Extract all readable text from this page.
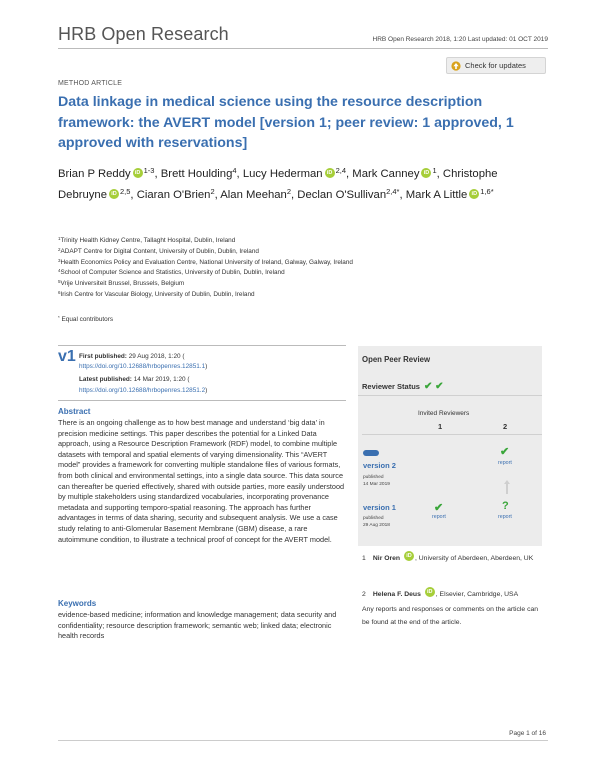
HRB Open Research	HRB Open Research 2018, 1:20 Last updated: 01 OCT 2019
Check for updates
METHOD ARTICLE
Data linkage in medical science using the resource description framework: the AVERT model [version 1; peer review: 1 approved, 1 approved with reservations]
Brian P Reddy iD $^{1-3}$, Brett Houlding$^4$, Lucy Hederman iD $^{2,4}$, Mark Canney iD $^1$, Christophe Debruyne iD $^{2,5}$, Ciaran O'Brien$^2$, Alan Meehan$^2$, Declan O'Sullivan$^{2,4*}$, Mark A Little iD $^{1,6*}$
$^1$Trinity Health Kidney Centre, Tallaght Hospital, Dublin, Ireland
$^2$ADAPT Centre for Digital Content, University of Dublin, Dublin, Ireland
$^3$Health Economics Policy and Evaluation Centre, National University of Ireland, Galway, Galway, Ireland
$^4$School of Computer Science and Statistics, University of Dublin, Dublin, Ireland
$^5$Vrije Universiteit Brussel, Brussels, Belgium
$^6$Irish Centre for Vascular Biology, University of Dublin, Dublin, Ireland
* Equal contributors
v1 First published: 29 Aug 2018, 1:20 (
https://doi.org/10.12688/hrbopenres.12851.1)
Latest published: 14 Mar 2019, 1:20 (
https://doi.org/10.12688/hrbopenres.12851.2)
Abstract
There is an ongoing challenge as to how best manage and understand ‘big data’ in precision medicine settings. This paper describes the potential for a Linked Data approach, using a Resource Description Framework (RDF) model, to combine multiple datasets with temporal and spatial elements of varying dimensionality. This “AVERT model” provides a framework for converting multiple standalone files of various formats, from both clinical and environmental settings, into a single data source. This data source can thereafter be queried effectively, shared with outside parties, more easily understood by multiple stakeholders using standardized vocabularies, incorporating provenance metadata and supporting temporo-spatial reasoning. The approach has further advantages in terms of data sharing, security and subsequent analysis. We use a case study relating to anti-Glomerular Basement Membrane (GBM) disease, a rare autoimmune condition, to illustrate a technical proof of concept for the AVERT model.
Keywords
evidence-based medicine; information and knowledge management; data security and confidentiality; resource description framework; semantic web; linked data; electronic health records
Open Peer Review
Reviewer Status ✔ ✔
Invited Reviewers
1	2
version 2
published
14 Mar 2019
✔
report
version 1
published
29 Aug 2018
✔
report
?
report
1 Nir Oren iD , University of Aberdeen, Aberdeen, UK
2 Helena F. Deus iD , Elsevier, Cambridge, USA
Any reports and responses or comments on the article can be found at the end of the article.
Page 1 of 16
